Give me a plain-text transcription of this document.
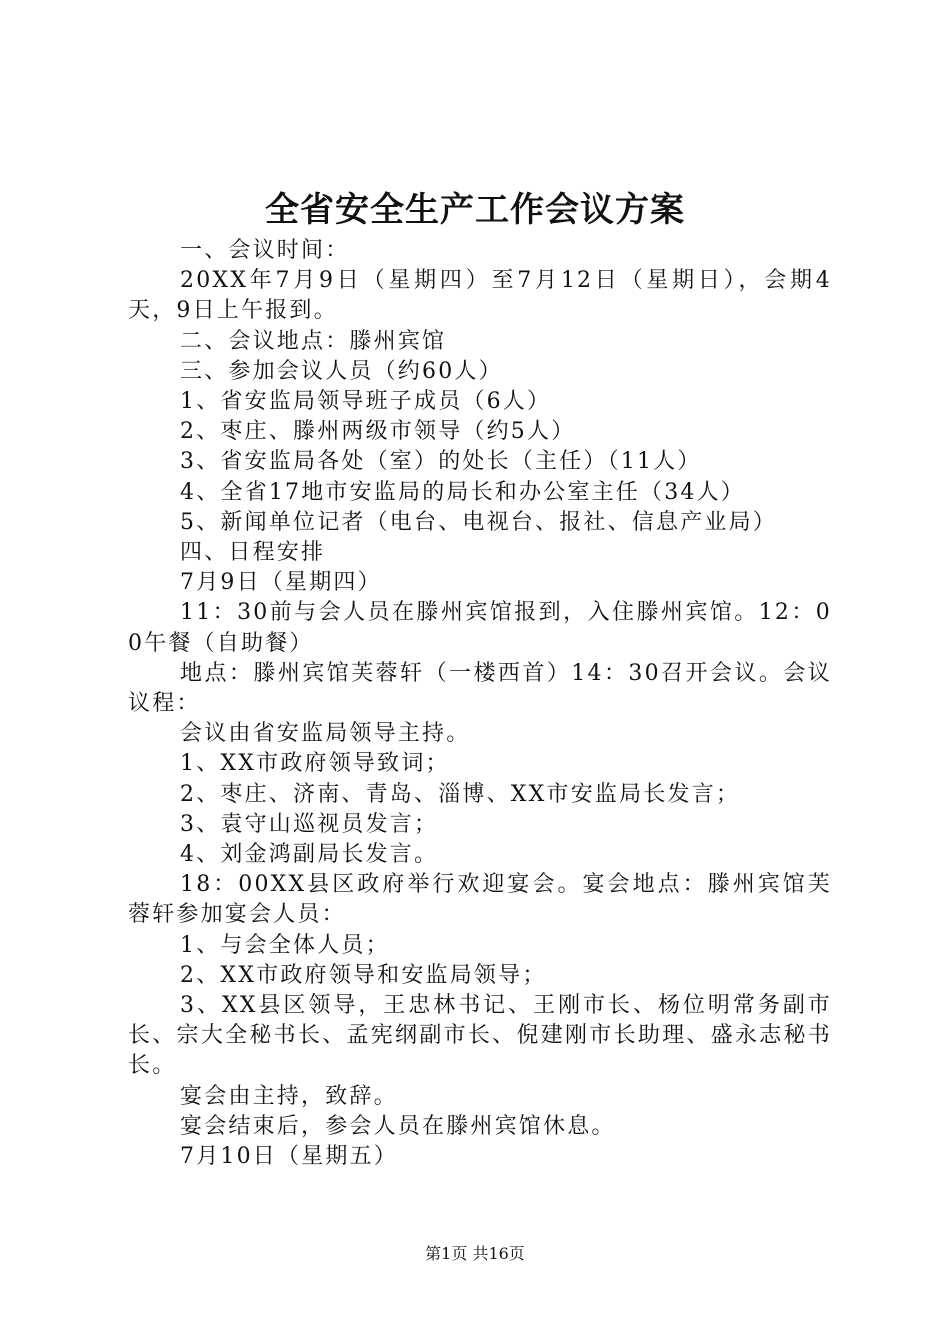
全省安全生产工作会议方案

一、会议时间：

20XX年7月9日（星期四）至7月12日（星期日），会期4天，9日上午报到。

二、会议地点：滕州宾馆

三、参加会议人员（约60人）

1、省安监局领导班子成员（6人）

2、枣庄、滕州两级市领导（约5人）

3、省安监局各处（室）的处长（主任）（11人）

4、全省17地市安监局的局长和办公室主任（34人）

5、新闻单位记者（电台、电视台、报社、信息产业局）

四、日程安排

7月9日（星期四）

11：30前与会人员在滕州宾馆报到，入住滕州宾馆。12：00午餐（自助餐）

地点：滕州宾馆芙蓉轩（一楼西首）14：30召开会议。会议议程：

会议由省安监局领导主持。

1、XX市政府领导致词；

2、枣庄、济南、青岛、淄博、XX市安监局长发言；

3、袁守山巡视员发言；

4、刘金鸿副局长发言。

18：00XX县区政府举行欢迎宴会。宴会地点：滕州宾馆芙蓉轩参加宴会人员：

1、与会全体人员；

2、XX市政府领导和安监局领导；

3、XX县区领导，王忠林书记、王刚市长、杨位明常务副市长、宗大全秘书长、孟宪纲副市长、倪建刚市长助理、盛永志秘书长。

宴会由主持，致辞。

宴会结束后，参会人员在滕州宾馆休息。

7月10日（星期五）

第1页 共16页
